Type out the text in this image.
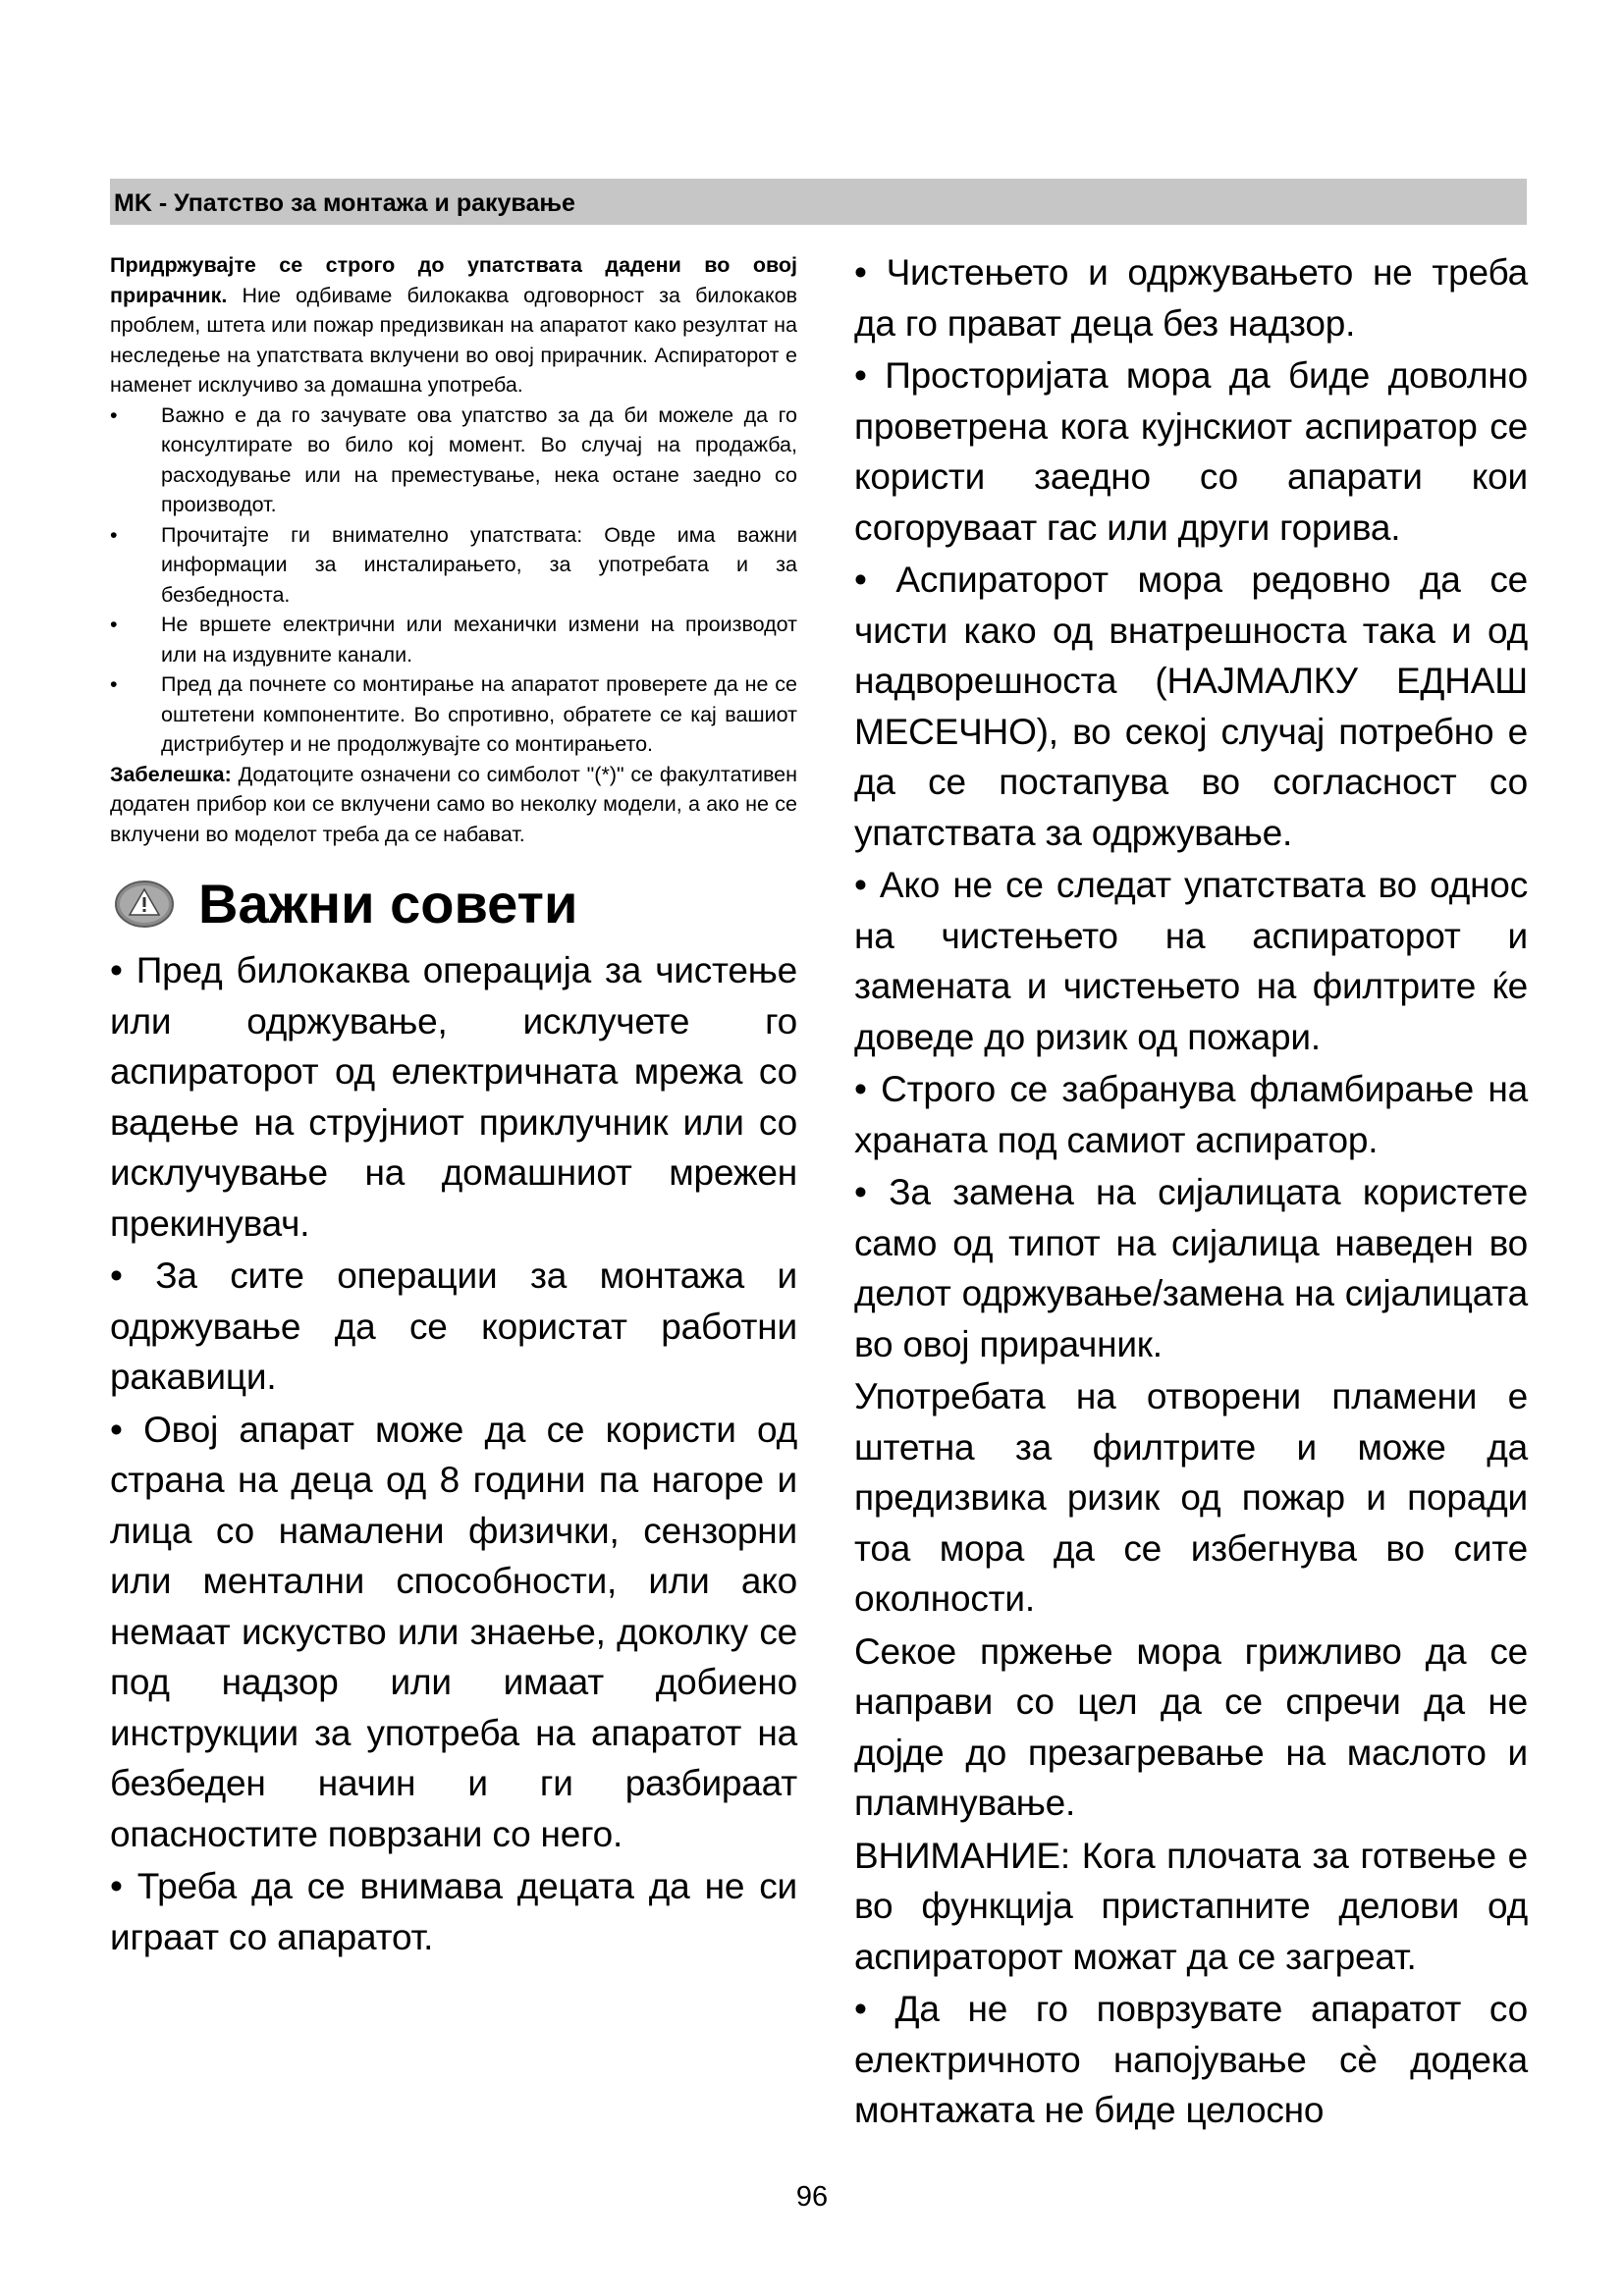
MK - Упатство за монтажа и ракување

Придржувајте се строго до упатствата дадени во овој прирачник. Ние одбиваме билокаква одговорност за билокаков проблем, штета или пожар предизвикан на апаратот како резултат на неследење на упатствата вклучени во овој прирачник. Аспираторот е наменет исклучиво за домашна употреба.

• Важно е да го зачувате ова упатство за да би можеле да го консултирате во било кој момент. Во случај на продажба, расходување или на преместување, нека остане заедно со производот.
• Прочитајте ги внимателно упатствата: Овде има важни информации за инсталирањето, за употребата и за безбедноста.
• Не вршете електрични или механички измени на производот или на издувните канали.
• Пред да почнете со монтирање на апаратот проверете да не се оштетени компонентите. Во спротивно, обратете се кај вашиот дистрибутер и не продолжувајте со монтирањето.

Забелешка: Додатоците означени со симболот "(*)" се факултативен додатен прибор кои се вклучени само во неколку модели, а ако не се вклучени во моделот треба да се набават.

Важни совети

• Пред билокаква операција за чистење или одржување, исклучете го аспираторот од електричната мрежа со вадење на струјниот приклучник или со исклучување на домашниот мрежен прекинувач.

• За сите операции за монтажа и одржување да се користат работни ракавици.

• Овој апарат може да се користи од страна на деца од 8 години па нагоре и лица со намалени физички, сензорни или ментални способности, или ако немаат искуство или знаење, доколку се под надзор или имаат добиено инструкции за употреба на апаратот на безбеден начин и ги разбираат опасностите поврзани со него.

• Треба да се внимава децата да не си играат со апаратот.

• Чистењето и одржувањето не треба да го прават деца без надзор.

• Просторијата мора да биде доволно проветрена кога кујнскиот аспиратор се користи заедно со апарати кои согоруваат гас или други горива.

• Аспираторот мора редовно да се чисти како од внатрешноста така и од надворешноста (НАЈМАЛКУ ЕДНАШ МЕСЕЧНО), во секој случај потребно е да се постапува во согласност со упатствата за одржување.

• Ако не се следат упатствата во однос на чистењето на аспираторот и замената и чистењето на филтрите ќе доведе до ризик од пожари.

• Строго се забранува фламбирање на храната под самиот аспиратор.

• За замена на сијалицата користете само од типот на сијалица наведен во делот одржување/замена на сијалицата во овој прирачник.

Употребата на отворени пламени е штетна за филтрите и може да предизвика ризик од пожар и поради тоа мора да се избегнува во сите околности.

Секое пржење мора грижливо да се направи со цел да се спречи да не дојде до презагревање на маслото и пламнување.

ВНИМАНИЕ: Кога плочата за готвење е во функција пристапните делови од аспираторот можат да се загреат.

• Да не го поврзувате апаратот со електричното напојување сè додека монтажата не биде целосно

96
